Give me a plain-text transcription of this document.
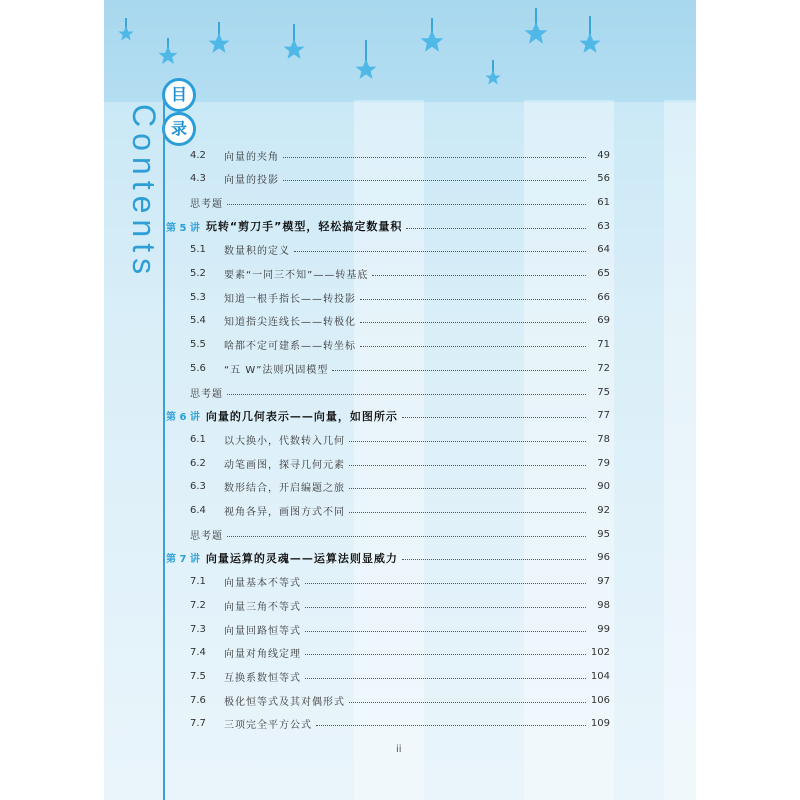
目
录
Contents	4.2	向量的夹角	49
4.3	向量的投影	56
思考题	61
第 5 讲 玩转“剪刀手”模型，轻松搞定数量积	63
5.1	数量积的定义	64
5.2	要素“一同三不知”——转基底	65
5.3	知道一根手指长——转投影	66
5.4	知道指尖连线长——转极化	69
5.5	啥都不定可建系——转坐标	71
5.6	“五 W”法则巩固模型	72
思考题	75
第 6 讲 向量的几何表示——向量，如图所示	77
6.1	以大换小，代数转入几何	78
6.2	动笔画图，探寻几何元素	79
6.3	数形结合，开启编题之旅	90
6.4	视角各异，画图方式不同	92
思考题	95
第 7 讲 向量运算的灵魂——运算法则显威力	96
7.1	向量基本不等式	97
7.2	向量三角不等式	98
7.3	向量回路恒等式	99
7.4	向量对角线定理	102
7.5	互换系数恒等式	104
7.6	极化恒等式及其对偶形式	106
7.7	三项完全平方公式	109
ii
